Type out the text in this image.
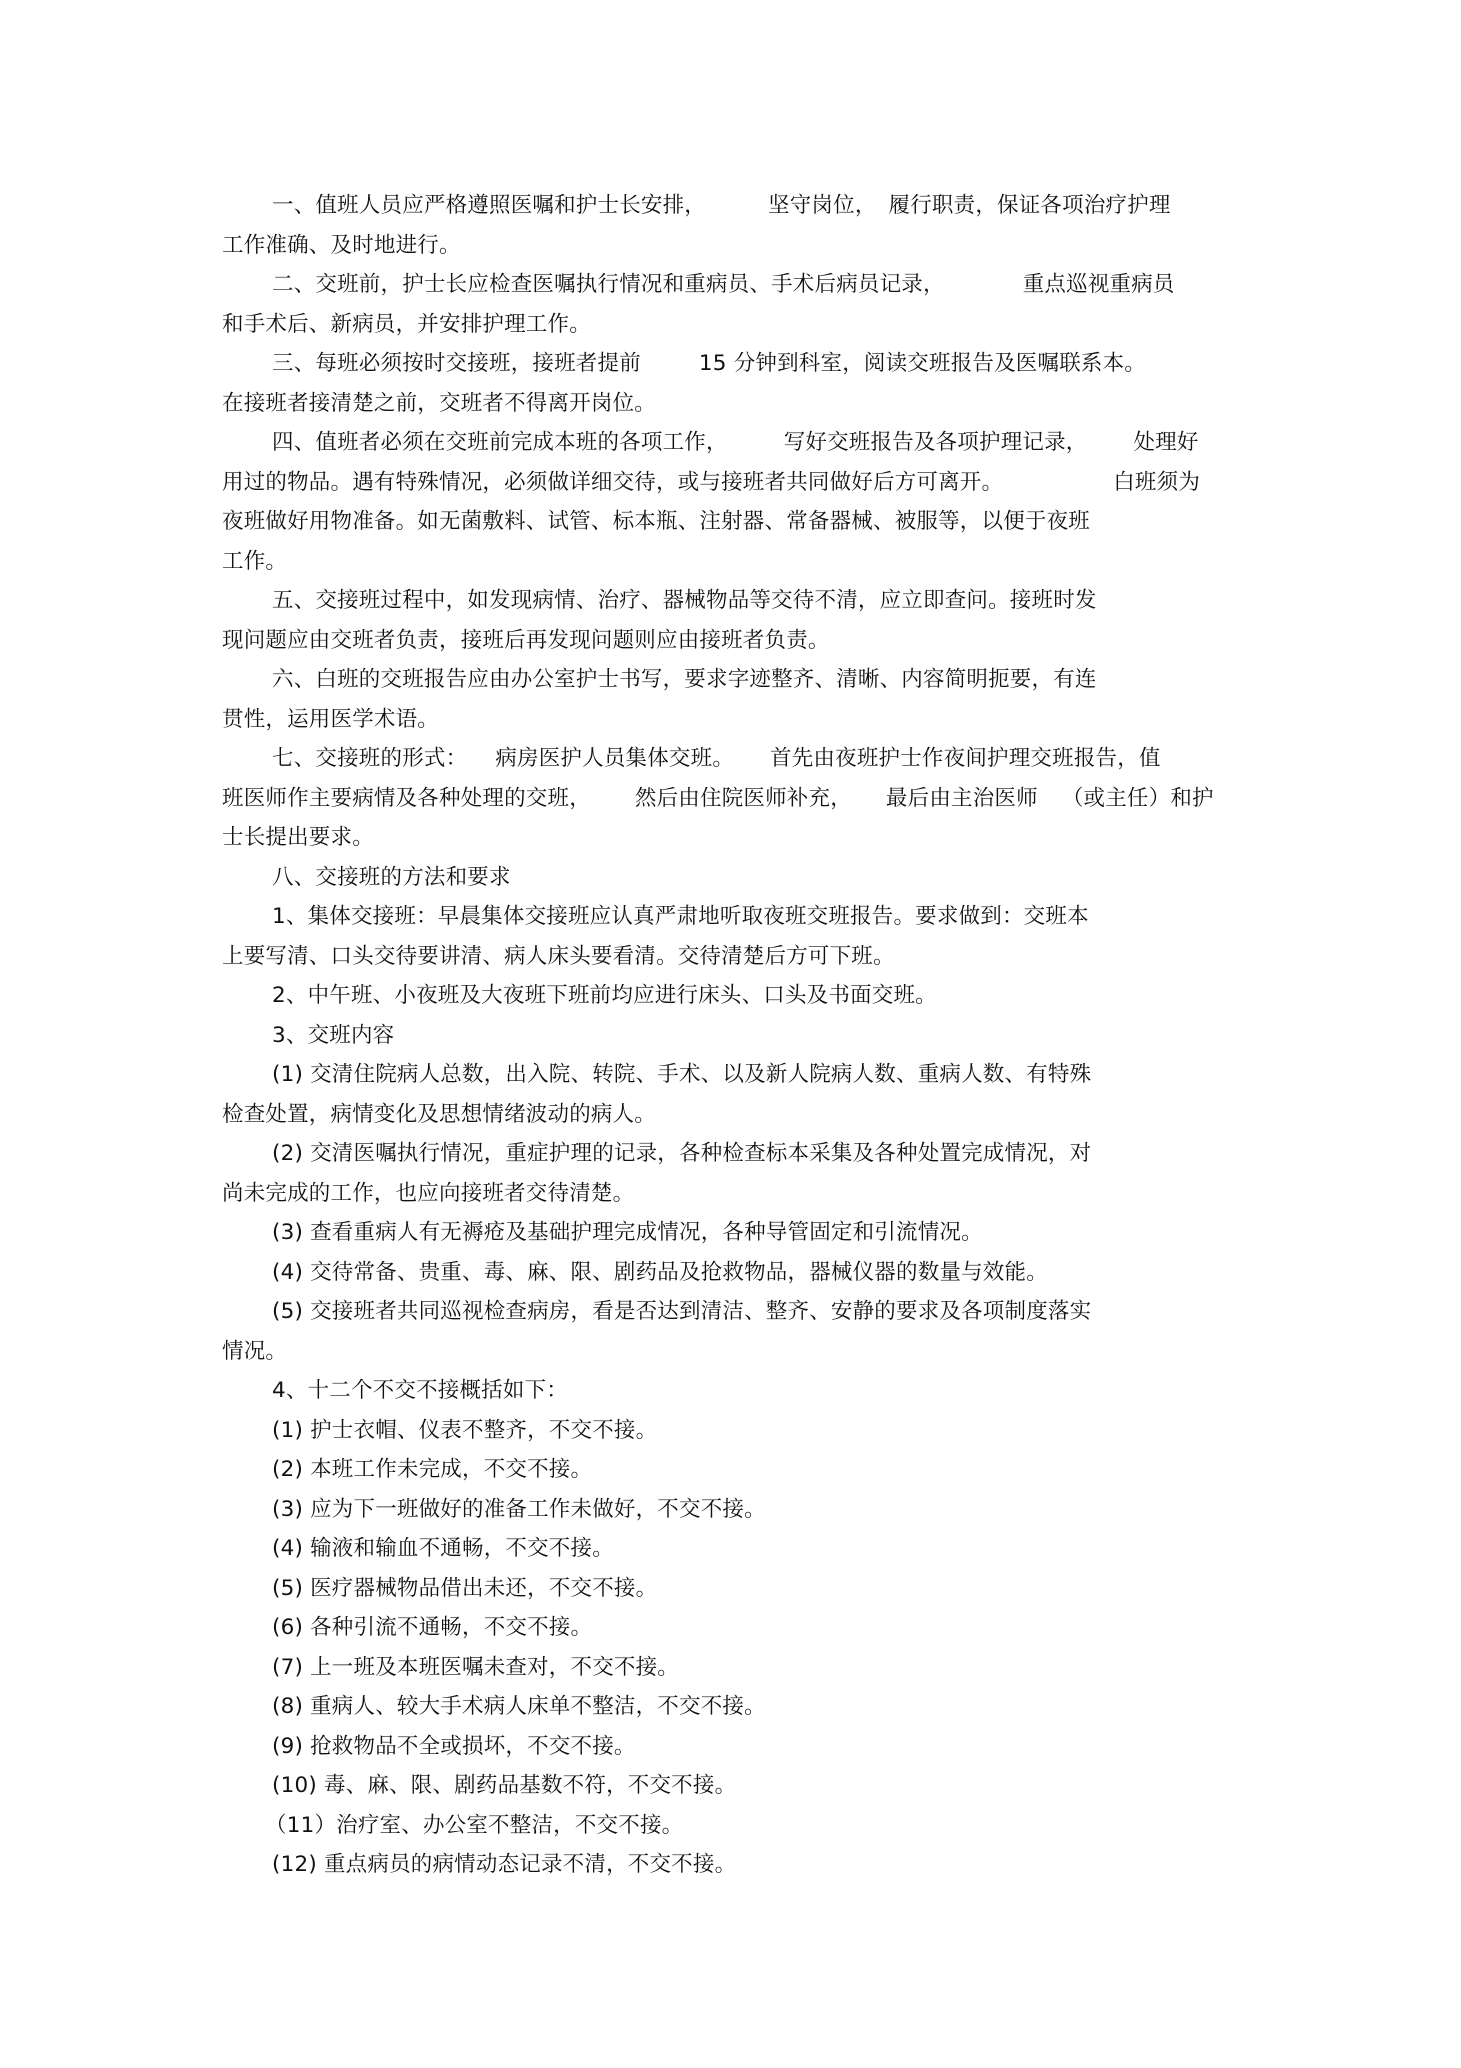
一、值班人员应严格遵照医嘱和护士长安排，	坚守岗位， 履行职责，保证各项治疗护理
工作准确、及时地进行。
二、交班前，护士长应检查医嘱执行情况和重病员、手术后病员记录，	重点巡视重病员
和手术后、新病员，并安排护理工作。
三、每班必须按时交接班，接班者提前	15 分钟到科室，阅读交班报告及医嘱联系本。
在接班者接清楚之前，交班者不得离开岗位。
四、值班者必须在交班前完成本班的各项工作，	写好交班报告及各项护理记录， 处理好
用过的物品。遇有特殊情况，必须做详细交待，或与接班者共同做好后方可离开。	白班须为
夜班做好用物准备。如无菌敷料、试管、标本瓶、注射器、常备器械、被服等，以便于夜班
工作。
五、交接班过程中，如发现病情、治疗、器械物品等交待不清，应立即查问。接班时发
现问题应由交班者负责，接班后再发现问题则应由接班者负责。
六、白班的交班报告应由办公室护士书写，要求字迹整齐、清晰、内容简明扼要，有连
贯性，运用医学术语。
七、交接班的形式： 病房医护人员集体交班。 首先由夜班护士作夜间护理交班报告，值
班医师作主要病情及各种处理的交班， 然后由住院医师补充， 最后由主治医师 （或主任）和护
士长提出要求。
八、交接班的方法和要求
1、集体交接班：早晨集体交接班应认真严肃地听取夜班交班报告。要求做到：交班本
上要写清、口头交待要讲清、病人床头要看清。交待清楚后方可下班。
2、中午班、小夜班及大夜班下班前均应进行床头、口头及书面交班。
3、交班内容
(1) 交清住院病人总数，出入院、转院、手术、以及新人院病人数、重病人数、有特殊
检查处置，病情变化及思想情绪波动的病人。
(2) 交清医嘱执行情况，重症护理的记录，各种检查标本采集及各种处置完成情况，对
尚未完成的工作，也应向接班者交待清楚。
(3) 查看重病人有无褥疮及基础护理完成情况，各种导管固定和引流情况。
(4) 交待常备、贵重、毒、麻、限、剧药品及抢救物品，器械仪器的数量与效能。
(5) 交接班者共同巡视检查病房，看是否达到清洁、整齐、安静的要求及各项制度落实
情况。
4、十二个不交不接概括如下：
(1) 护士衣帽、仪表不整齐，不交不接。
(2) 本班工作未完成，不交不接。
(3) 应为下一班做好的准备工作未做好，不交不接。
(4) 输液和输血不通畅，不交不接。
(5) 医疗器械物品借出未还，不交不接。
(6) 各种引流不通畅，不交不接。
(7) 上一班及本班医嘱未查对，不交不接。
(8) 重病人、较大手术病人床单不整洁，不交不接。
(9) 抢救物品不全或损坏，不交不接。
(10) 毒、麻、限、剧药品基数不符，不交不接。
（11）治疗室、办公室不整洁，不交不接。
(12) 重点病员的病情动态记录不清，不交不接。
